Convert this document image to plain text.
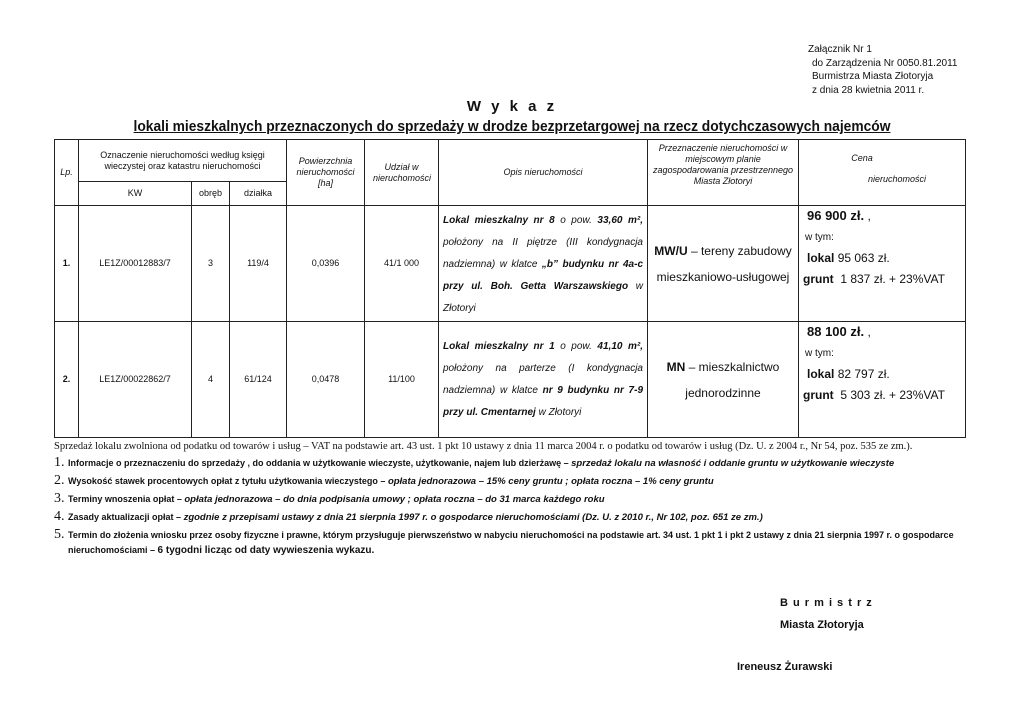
Załącznik Nr 1
do Zarządzenia Nr 0050.81.2011
Burmistrza Miasta Złotoryja
z dnia 28 kwietnia 2011 r.
W y k a z
lokali mieszkalnych przeznaczonych do sprzedaży w drodze bezprzetargowej na rzecz dotychczasowych najemców
Lp.	Oznaczenie nieruchomości według księgi wieczystej oraz katastru nieruchomości			Powierzchnia nieruchomości [ha]	Udział w nieruchomości	Opis nieruchomości	Przeznaczenie nieruchomości w miejscowym planie zagospodarowania przestrzennego Miasta Złotoryi	Cena
nieruchomości

	KW	obręb	działka					
1.	LE1Z/00012883/7	3	119/4	0,0396	41/1 000	Lokal mieszkalny nr 8 o pow. 33,60 m², położony na II piętrze (III kondygnacja nadziemna) w klatce „b” budynku nr 4a-c przy ul. Boh. Getta Warszawskiego w Złotoryi	MW/U – tereny zabudowy mieszkaniowo-usługowej	96 900 zł. ,
w tym:
lokal 95 063 zł.
grunt 1 837 zł. + 23%VAT

2.	LE1Z/00022862/7	4	61/124	0,0478	11/100	Lokal mieszkalny nr 1 o pow. 41,10 m², położony na parterze (I kondygnacja nadziemna) w klatce nr 9 budynku nr 7-9 przy ul. Cmentarnej w Złotoryi	MN – mieszkalnictwo jednorodzinne	88 100 zł. ,
w tym:
lokal 82 797 zł.
grunt 5 303 zł. + 23%VAT
Sprzedaż lokalu zwolniona od podatku od towarów i usług – VAT na podstawie art. 43 ust. 1 pkt 10 ustawy z dnia 11 marca 2004 r. o podatku od towarów i usług (Dz. U. z 2004 r., Nr 54, poz. 535 ze zm.).
1. Informacje o przeznaczeniu do sprzedaży , do oddania w użytkowanie wieczyste, użytkowanie, najem lub dzierżawę – sprzedaż lokalu na własność i oddanie gruntu w użytkowanie wieczyste
2. Wysokość stawek procentowych opłat z tytułu użytkowania wieczystego – opłata jednorazowa – 15% ceny gruntu ; opłata roczna – 1% ceny gruntu
3. Terminy wnoszenia opłat – opłata jednorazowa – do dnia podpisania umowy ; opłata roczna – do 31 marca każdego roku
4. Zasady aktualizacji opłat – zgodnie z przepisami ustawy z dnia 21 sierpnia 1997 r. o gospodarce nieruchomościami (Dz. U. z 2010 r., Nr 102, poz. 651 ze zm.)
5. Termin do złożenia wniosku przez osoby fizyczne i prawne, którym przysługuje pierwszeństwo w nabyciu nieruchomości na podstawie art. 34 ust. 1 pkt 1 i pkt 2 ustawy z dnia 21 sierpnia 1997 r. o gospodarce nieruchomościami – 6 tygodni licząc od daty wywieszenia wykazu.
B u r m i s t r z
Miasta Złotoryja
Ireneusz Żurawski
